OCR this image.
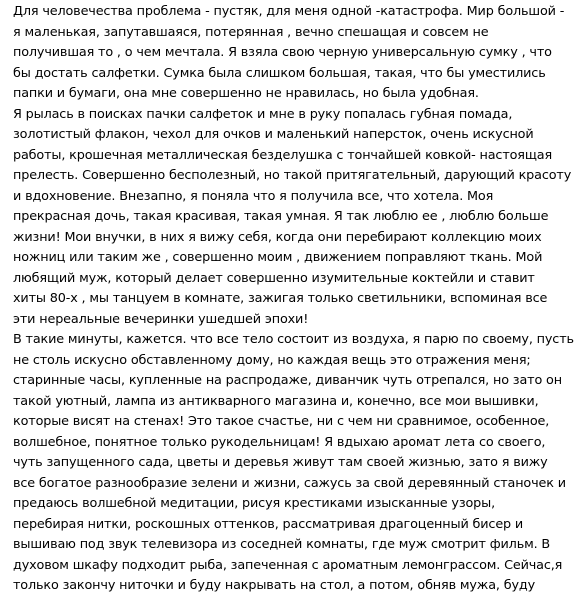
Для человечества проблема - пустяк, для меня одной -катастрофа. Мир большой -
я маленькая, запутавшаяся, потерянная , вечно спешащая и совсем не
получившая то , о чем мечтала. Я взяла свою черную универсальную сумку , что
бы достать салфетки. Сумка была слишком большая, такая, что бы уместились
папки и бумаги, она мне совершенно не нравилась, но была удобная.
Я рылась в поисках пачки салфеток и мне в руку попалась губная помада,
золотистый флакон, чехол для очков и маленький наперсток, очень искусной
работы, крошечная металлическая безделушка с тончайшей ковкой- настоящая
прелесть. Совершенно бесполезный, но такой притягательный, дарующий красоту
и вдохновение. Внезапно, я поняла что я получила все, что хотела. Моя
прекрасная дочь, такая красивая, такая умная. Я так люблю ее , люблю больше
жизни! Мои внучки, в них я вижу себя, когда они перебирают коллекцию моих
ножниц или таким же , совершенно моим , движением поправляют ткань. Мой
любящий муж, который делает совершенно изумительные коктейли и ставит
хиты 80-х , мы танцуем в комнате, зажигая только светильники, вспоминая все
эти нереальные вечеринки ушедшей эпохи!
В такие минуты, кажется. что все тело состоит из воздуха, я парю по своему, пусть
не столь искусно обставленному дому, но каждая вещь это отражения меня;
старинные часы, купленные на распродаже, диванчик чуть отрепался, но зато он
такой уютный, лампа из антикварного магазина и, конечно, все мои вышивки,
которые висят на стенах! Это такое счастье, ни с чем ни сравнимое, особенное,
волшебное, понятное только рукодельницам! Я вдыхаю аромат лета со своего,
чуть запущенного сада, цветы и деревья живут там своей жизнью, зато я вижу
все богатое разнообразие зелени и жизни, сажусь за свой деревянный станочек и
предаюсь волшебной медитации, рисуя крестиками изысканные узоры,
перебирая нитки, роскошных оттенков, рассматривая драгоценный бисер и
вышиваю под звук телевизора из соседней комнаты, где муж смотрит фильм. В
духовом шкафу подходит рыба, запеченная с ароматным лемонграссом. Сейчас,я
только закончу ниточки и буду накрывать на стол, а потом, обняв мужа, буду
